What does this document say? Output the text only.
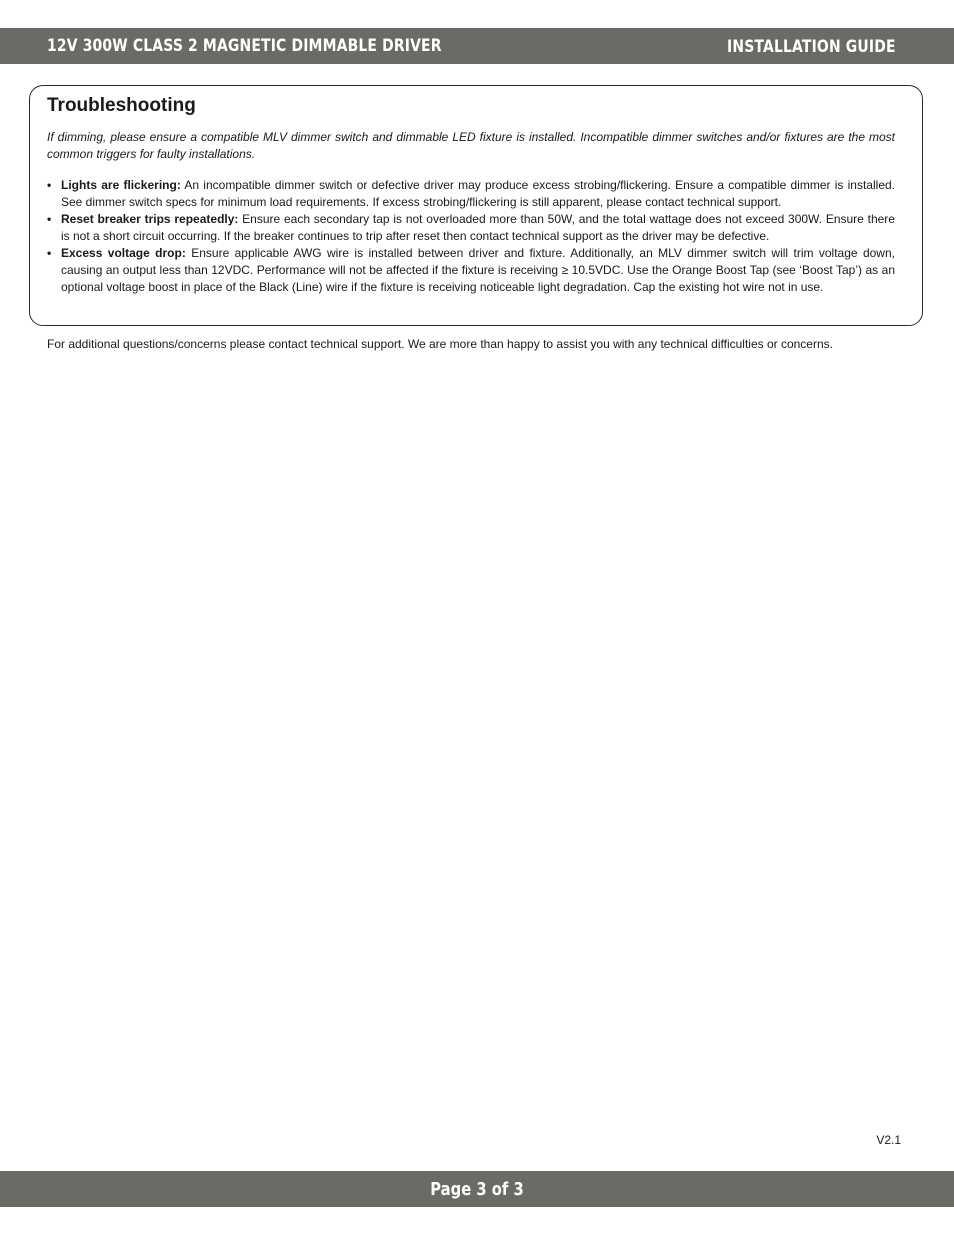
12V 300W CLASS 2 MAGNETIC DIMMABLE DRIVER	INSTALLATION GUIDE
Troubleshooting

If dimming, please ensure a compatible MLV dimmer switch and dimmable LED fixture is installed. Incompatible dimmer switches and/or fixtures are the most common triggers for faulty installations.

• Lights are flickering: An incompatible dimmer switch or defective driver may produce excess strobing/flickering. Ensure a compatible dimmer is installed. See dimmer switch specs for minimum load requirements. If excess strobing/flickering is still apparent, please contact technical support.
• Reset breaker trips repeatedly: Ensure each secondary tap is not overloaded more than 50W, and the total wattage does not exceed 300W. Ensure there is not a short circuit occurring. If the breaker continues to trip after reset then contact technical support as the driver may be defective.
• Excess voltage drop: Ensure applicable AWG wire is installed between driver and fixture. Additionally, an MLV dimmer switch will trim voltage down, causing an output less than 12VDC. Performance will not be affected if the fixture is receiving ≥ 10.5VDC. Use the Orange Boost Tap (see ‘Boost Tap’) as an optional voltage boost in place of the Black (Line) wire if the fixture is receiving noticeable light degradation. Cap the existing hot wire not in use.

For additional questions/concerns please contact technical support. We are more than happy to assist you with any technical difficulties or concerns.

V2.1
Page 3 of 3
